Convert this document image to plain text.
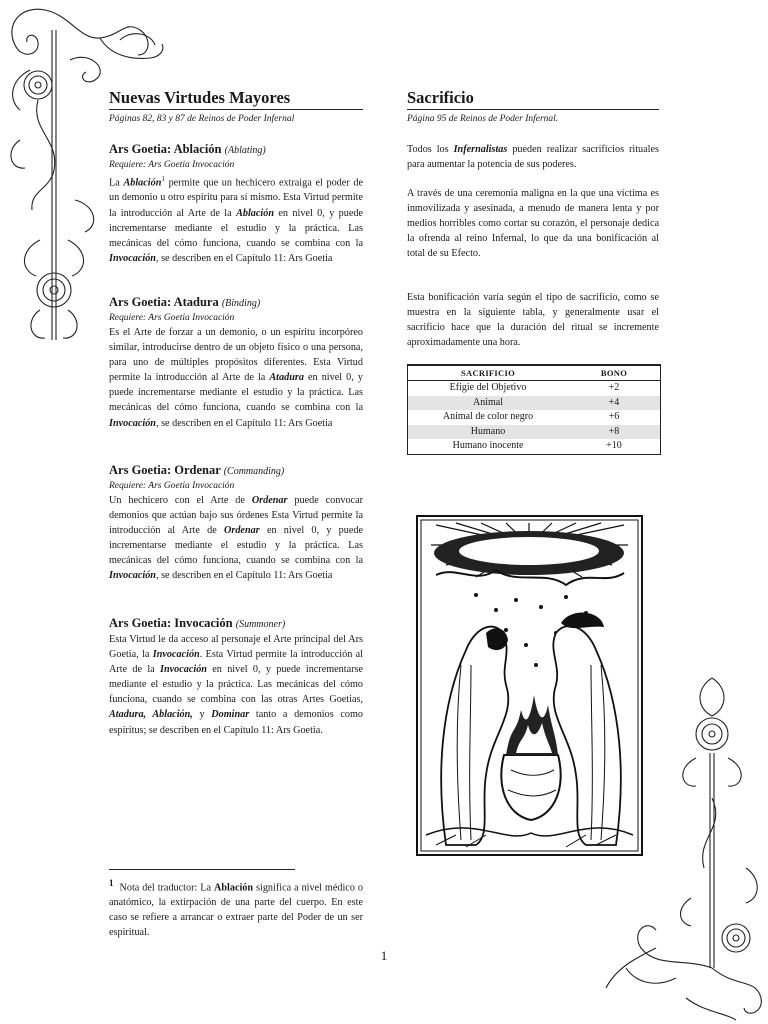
Nuevas Virtudes Mayores
Páginas 82, 83 y 87 de Reinos de Poder Infernal
Ars Goetia: Ablación (Ablating)
Requiere: Ars Goetia Invocación

La Ablación$^1$ permite que un hechicero extraiga el poder de un demonio u otro espíritu para sí mismo. Esta Virtud permite la introducción al Arte de la Ablación en nivel 0, y puede incrementarse mediante el estudio y la práctica. Las mecánicas del cómo funciona, cuando se combina con la Invocación, se describen en el Capítulo 11: Ars Goetia

Ars Goetia: Atadura (Binding)
Requiere: Ars Goetia Invocación

Es el Arte de forzar a un demonio, o un espíritu incorpóreo similar, introducirse dentro de un objeto físico o una persona, para uno de múltiples propósitos diferentes. Esta Virtud permite la introducción al Arte de la Atadura en nivel 0, y puede incrementarse mediante el estudio y la práctica. Las mecánicas del cómo funciona, cuando se combina con la Invocación, se describen en el Capítulo 11: Ars Goetia

Ars Goetia: Ordenar (Commanding)
Requiere: Ars Goetia Invocación

Un hechicero con el Arte de Ordenar puede convocar demonios que actúan bajo sus órdenes Esta Virtud permite la introducción al Arte de Ordenar en nivel 0, y puede incrementarse mediante el estudio y la práctica. Las mecánicas del cómo funciona, cuando se combina con la Invocación, se describen en el Capítulo 11: Ars Goetia

Ars Goetia: Invocación (Summoner)

Esta Virtud le da acceso al personaje el Arte principal del Ars Goetia, la Invocación. Esta Virtud permite la introducción al Arte de la Invocación en nivel 0, y puede incrementarse mediante el estudio y la práctica. Las mecánicas del cómo funciona, cuando se combina con las otras Artes Goetias, Atadura, Ablación, y Dominar tanto a demonios como espíritus; se describen en el Capítulo 11: Ars Goetia.

Sacrificio
Página 95 de Reinos de Poder Infernal.

Todos los Infernalistas pueden realizar sacrificios rituales para aumentar la potencia de sus poderes.

A través de una ceremonia maligna en la que una víctima es inmovilizada y asesinada, a menudo de manera lenta y por medios horribles como cortar su corazón, el personaje dedica la ofrenda al reino Infernal, lo que da una bonificación al total de su Efecto.

Esta bonificación varía según el tipo de sacrificio, como se muestra en la siguiente tabla, y generalmente usar el sacrificio hace que la duración del ritual se incremente aproximadamente una hora.

SACRIFICIO	BONO
Efigie del Objetivo	+2
Animal	+4
Animal de color negro	+6
Humano	+8
Humano inocente	+10
$^1$ Nota del traductor: La Ablación significa a nivel médico o anatómico, la extirpación de una parte del cuerpo. En este caso se refiere a arrancar o extraer parte del Poder de un ser espiritual.
1
